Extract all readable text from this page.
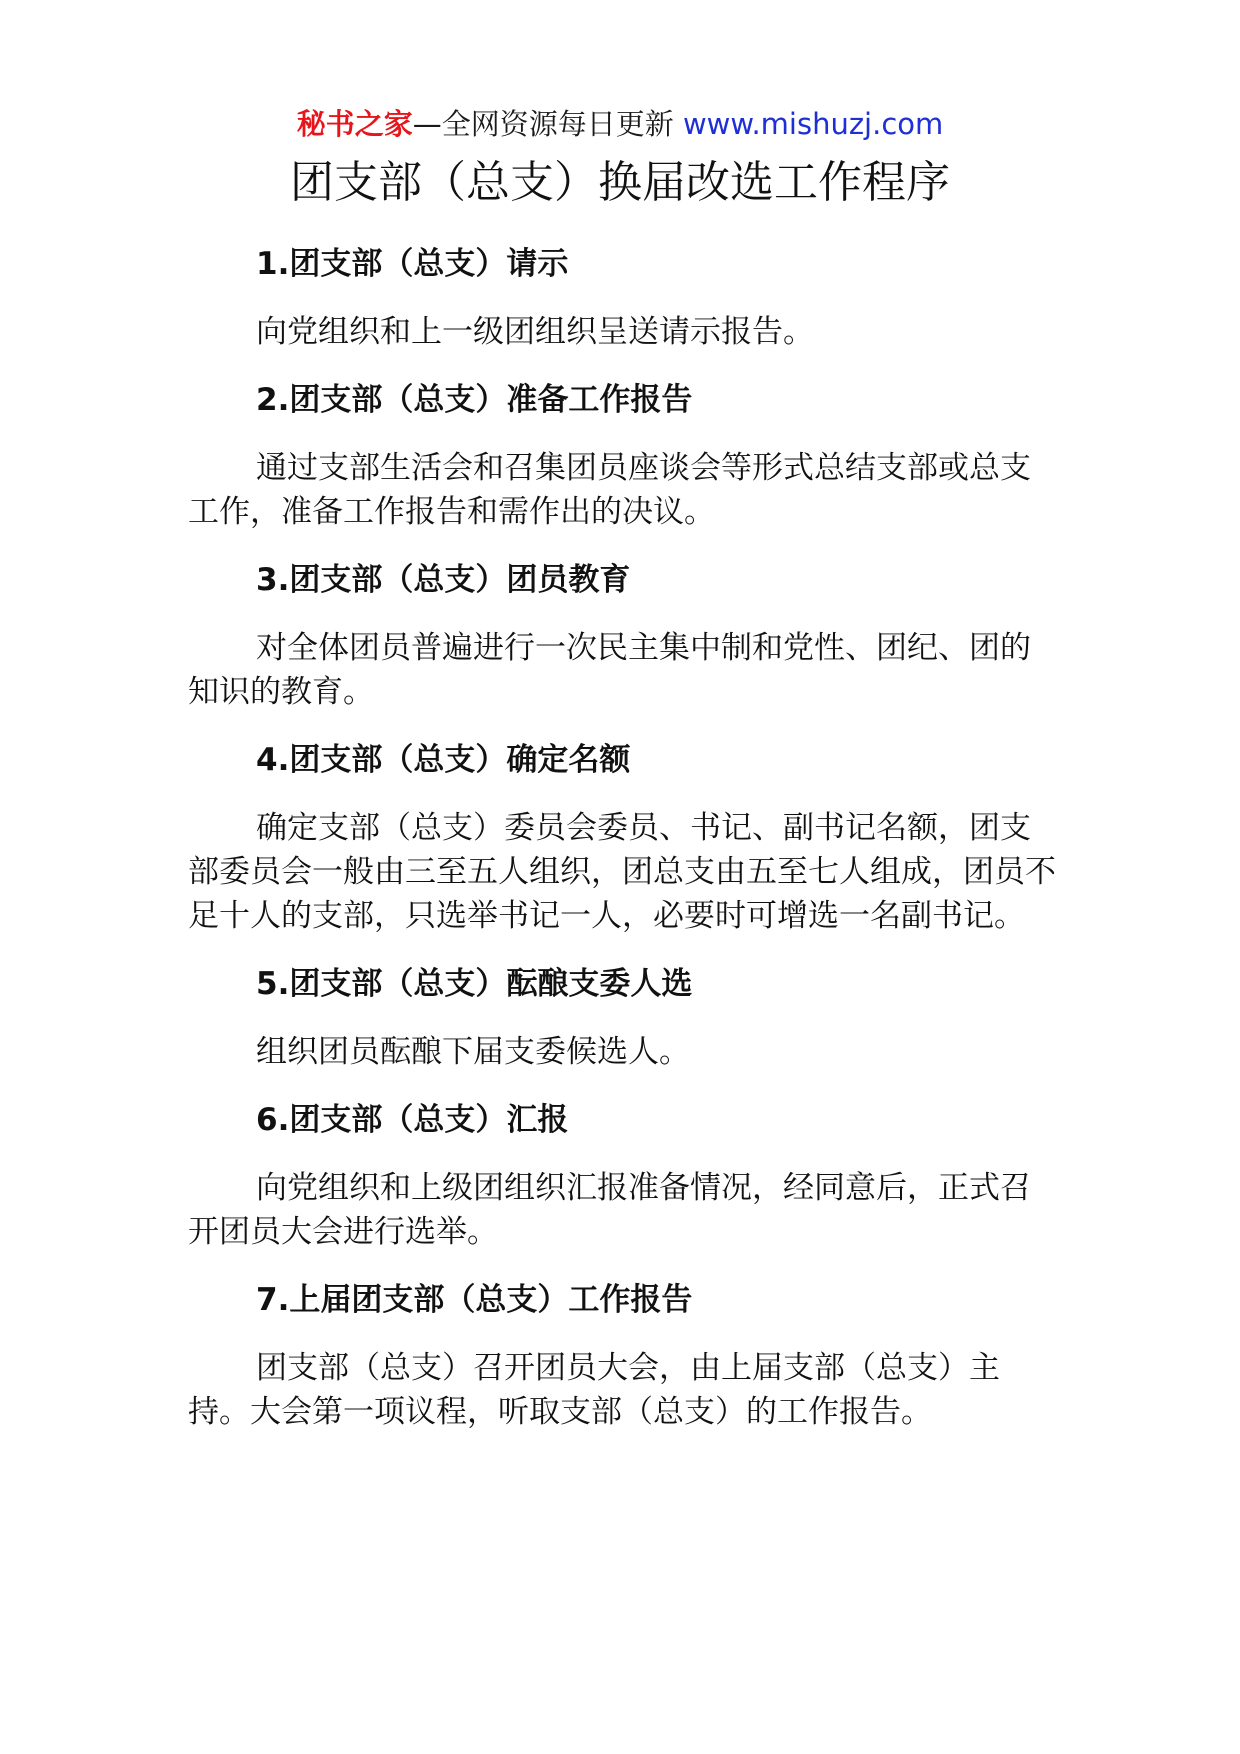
秘书之家—全网资源每日更新 www.mishuzj.com
团支部（总支）换届改选工作程序

1.团支部（总支）请示

向党组织和上一级团组织呈送请示报告。

2.团支部（总支）准备工作报告

通过支部生活会和召集团员座谈会等形式总结支部或总支工作，准备工作报告和需作出的决议。

3.团支部（总支）团员教育

对全体团员普遍进行一次民主集中制和党性、团纪、团的知识的教育。

4.团支部（总支）确定名额

确定支部（总支）委员会委员、书记、副书记名额，团支部委员会一般由三至五人组织，团总支由五至七人组成，团员不足十人的支部，只选举书记一人，必要时可增选一名副书记。

5.团支部（总支）酝酿支委人选

组织团员酝酿下届支委候选人。

6.团支部（总支）汇报

向党组织和上级团组织汇报准备情况，经同意后，正式召开团员大会进行选举。

7.上届团支部（总支）工作报告

团支部（总支）召开团员大会，由上届支部（总支）主持。大会第一项议程，听取支部（总支）的工作报告。
